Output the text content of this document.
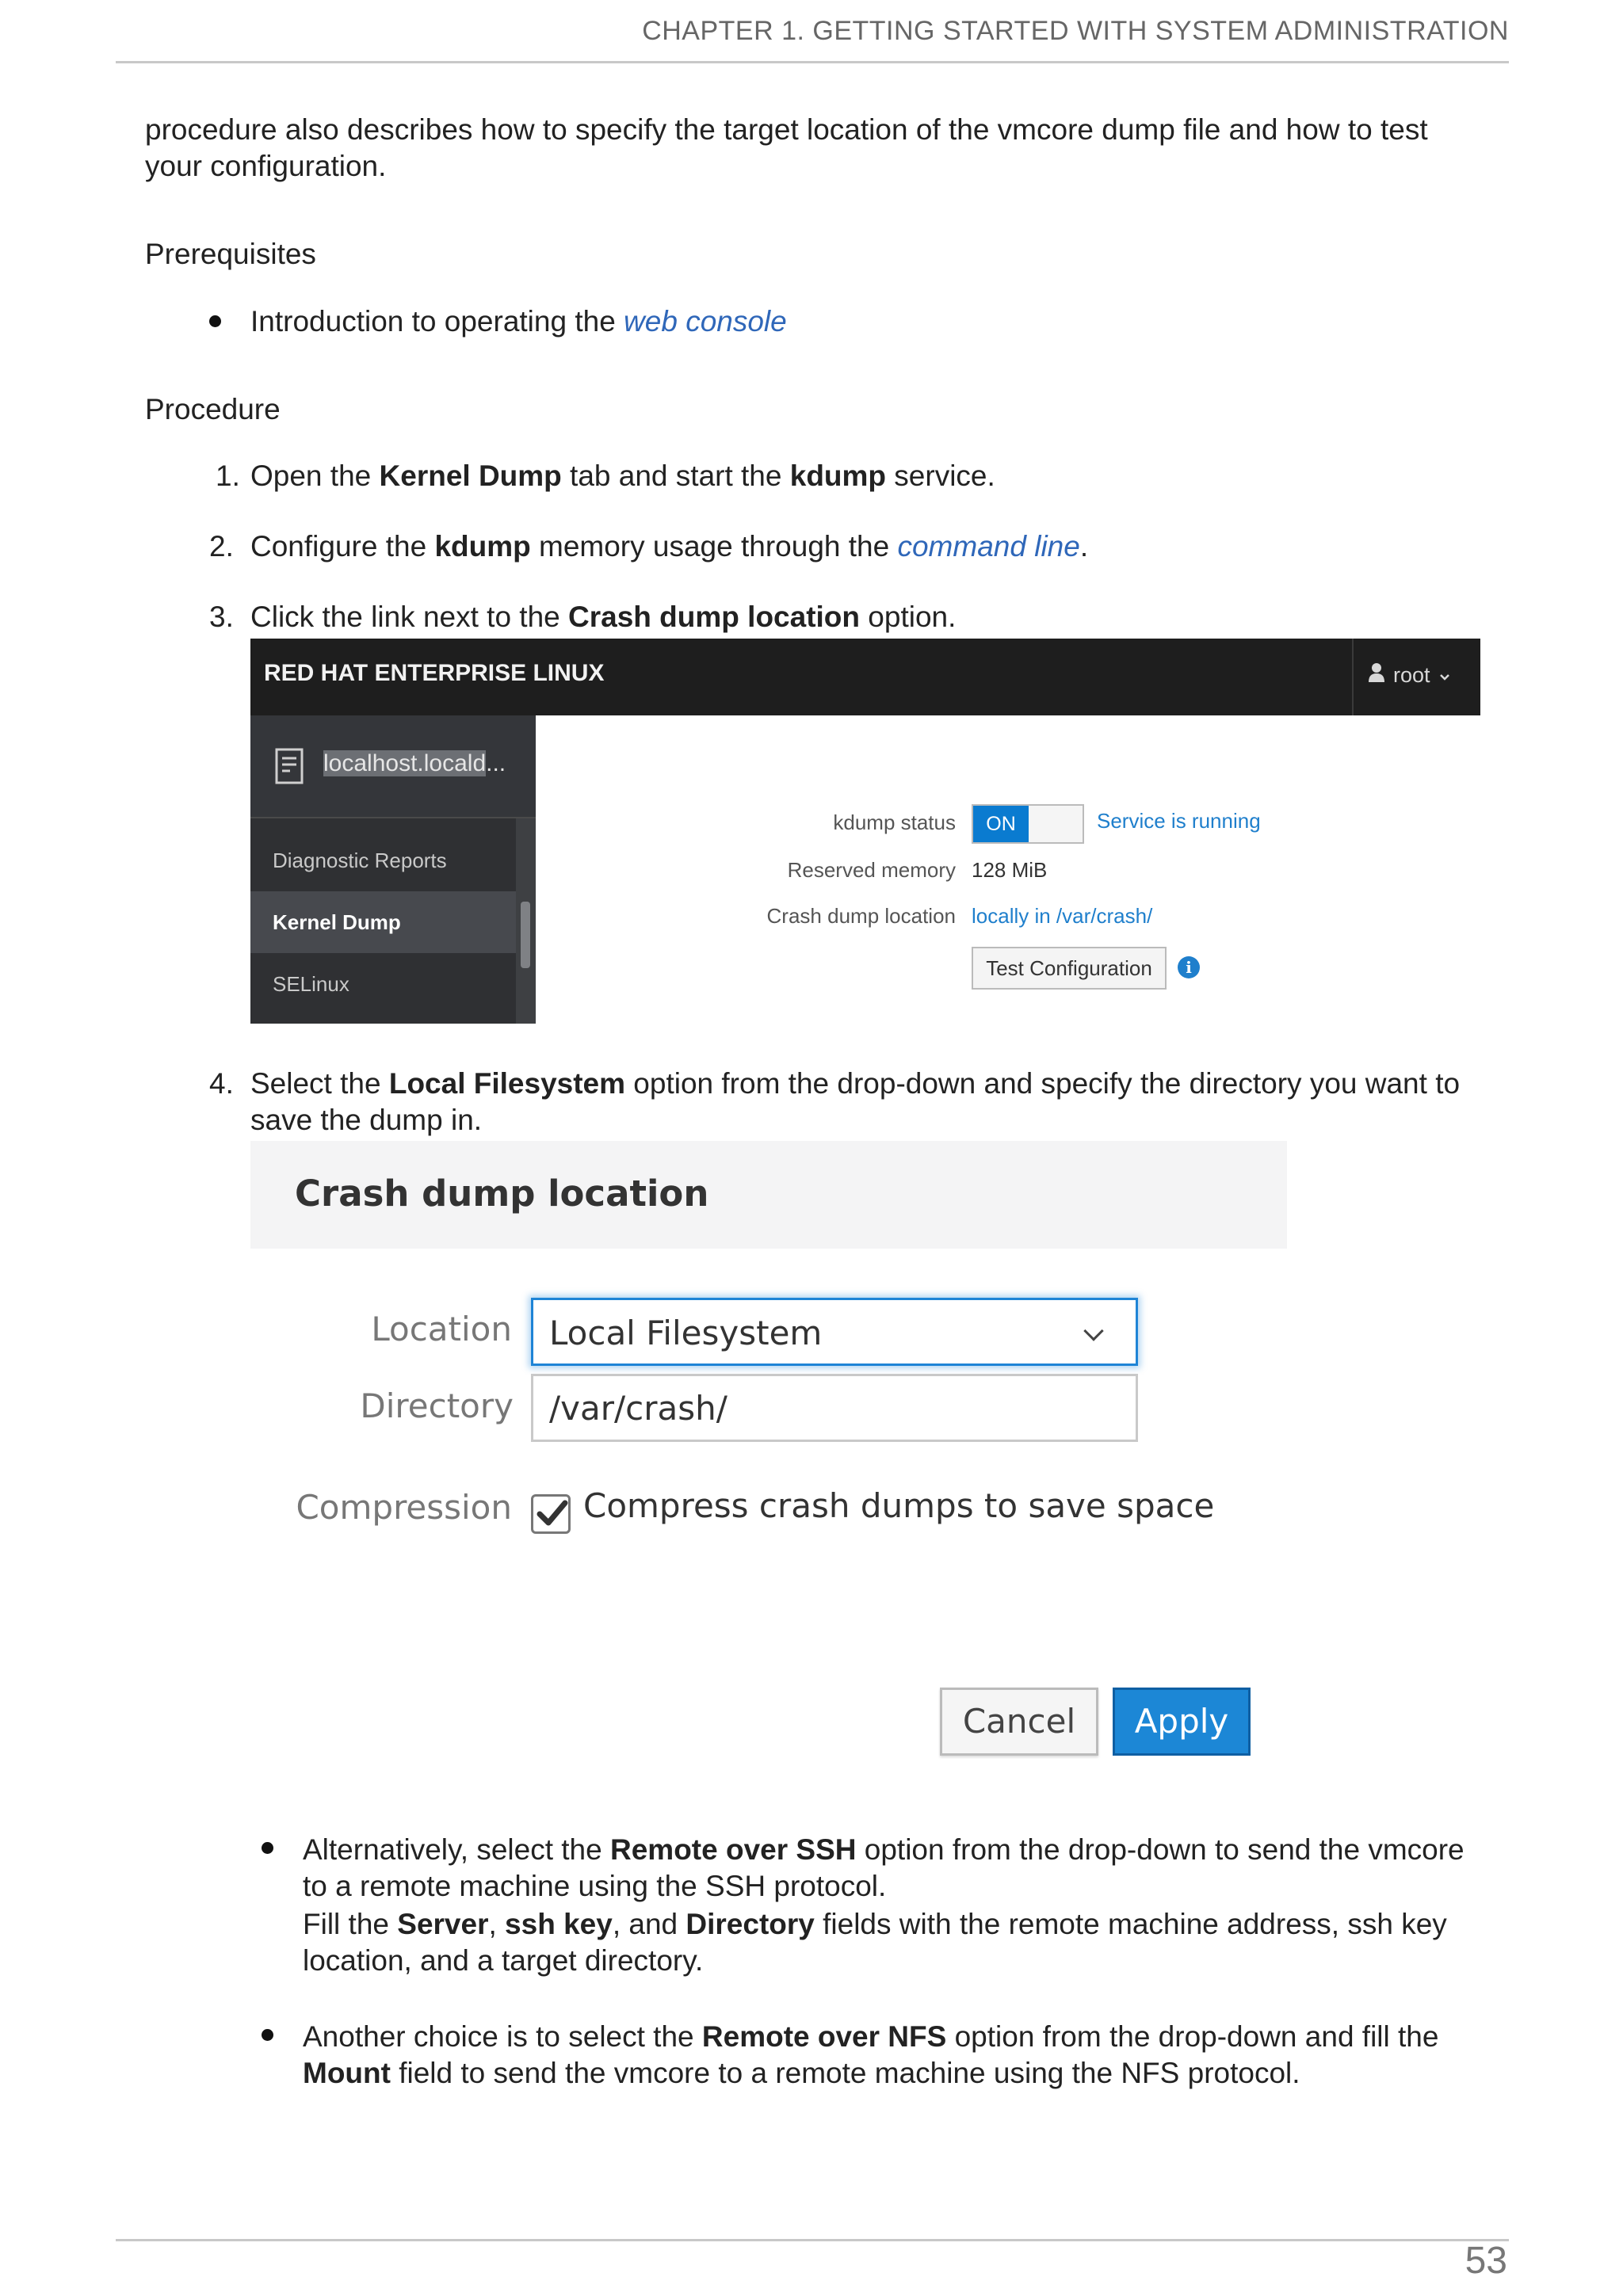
CHAPTER 1. GETTING STARTED WITH SYSTEM ADMINISTRATION
procedure also describes how to specify the target location of the vmcore dump file and how to test
your configuration.
Prerequisites
Introduction to operating the web console
Procedure
1. Open the Kernel Dump tab and start the kdump service.
2. Configure the kdump memory usage through the command line.
3. Click the link next to the Crash dump location option.
RED HAT ENTERPRISE LINUX	root
localhost.locald...
Diagnostic Reports
Kernel Dump
SELinux
kdump status	ON	Service is running
Reserved memory 128 MiB
Crash dump location locally in /var/crash/
Test Configuration	i
4. Select the Local Filesystem option from the drop-down and specify the directory you want to
save the dump in.
Crash dump location
Location Local Filesystem
Directory /var/crash/
Compression Compress crash dumps to save space
Cancel	Apply
Alternatively, select the Remote over SSH option from the drop-down to send the vmcore
to a remote machine using the SSH protocol.
Fill the Server, ssh key, and Directory fields with the remote machine address, ssh key
location, and a target directory.
Another choice is to select the Remote over NFS option from the drop-down and fill the
Mount field to send the vmcore to a remote machine using the NFS protocol.
53
